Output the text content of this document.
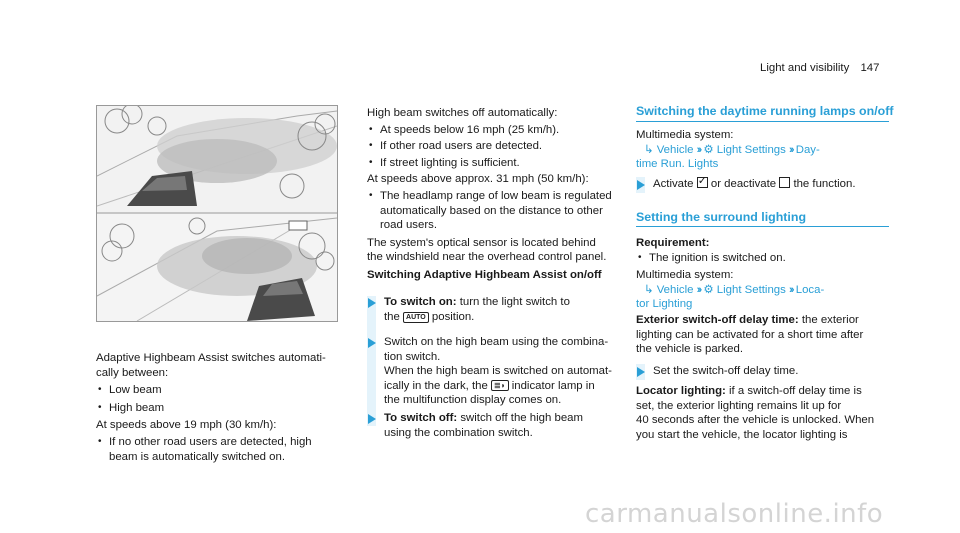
Light and visibility 147
Adaptive Highbeam Assist switches automati-
cally between:
• Low beam
• High beam
At speeds above 19 mph (30 km/h):
• If no other road users are detected, high
beam is automatically switched on.
High beam switches off automatically:
• At speeds below 16 mph (25 km/h).
• If other road users are detected.
• If street lighting is sufficient.
At speeds above approx. 31 mph (50 km/h):
• The headlamp range of low beam is regulated
automatically based on the distance to other
road users.
The system's optical sensor is located behind
the windshield near the overhead control panel.
Switching Adaptive Highbeam Assist on/off
To switch on: turn the light switch to
the AUTO position.
Switch on the high beam using the combina-
tion switch.
When the high beam is switched on automat-
ically in the dark, the ≣◗ indicator lamp in
the multifunction display comes on.
To switch off: switch off the high beam
using the combination switch.
Switching the daytime running lamps on/off
Multimedia system:
↳ Vehicle ›› ⚙ Light Settings ›› Day-
time Run. Lights
Activate ✓ or deactivate the function.
Setting the surround lighting
Requirement:
• The ignition is switched on.
Multimedia system:
↳ Vehicle ›› ⚙ Light Settings ›› Loca-
tor Lighting
Exterior switch-off delay time: the exterior
lighting can be activated for a short time after
the vehicle is parked.
Set the switch-off delay time.
Locator lighting: if a switch-off delay time is
set, the exterior lighting remains lit up for
40 seconds after the vehicle is unlocked. When
you start the vehicle, the locator lighting is
carmanualsonline.info
